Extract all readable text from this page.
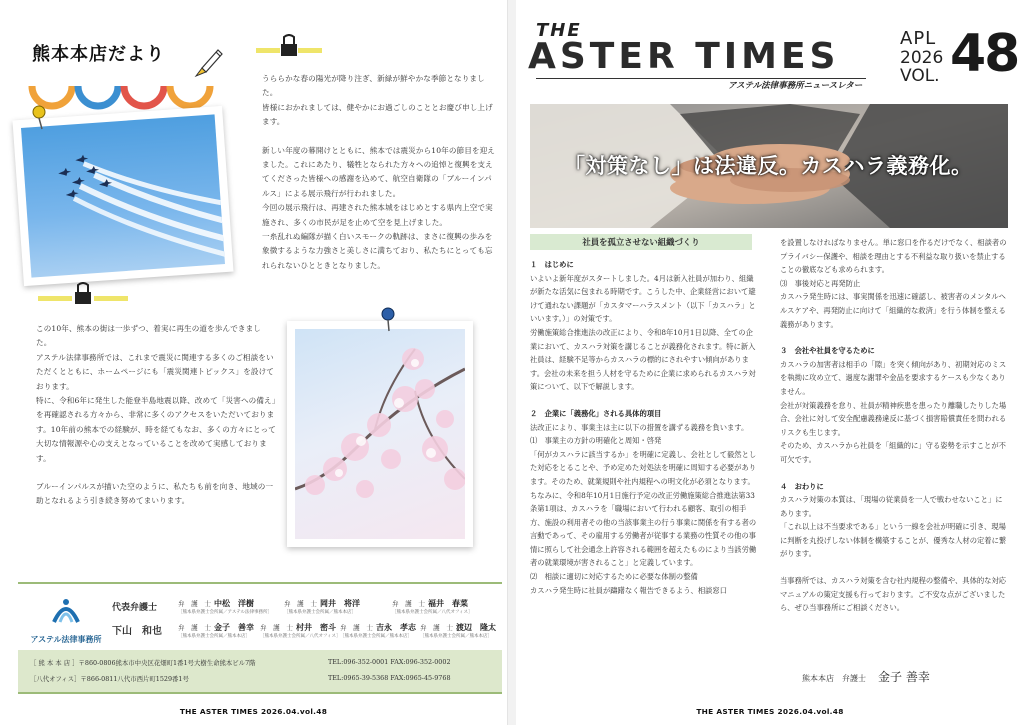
熊本本店だより

うららかな春の陽光が降り注ぎ、新緑が鮮やかな季節となりました。

皆様におかれましては、健やかにお過ごしのこととお慶び申し上げます。

新しい年度の幕開けとともに、熊本では震災から10年の節目を迎えました。これにあたり、犠牲となられた方々への追悼と復興を支えてくださった皆様への感謝を込めて、航空自衛隊の「ブルーインパルス」による展示飛行が行われました。

今回の展示飛行は、再建された熊本城をはじめとする県内上空で実施され、多くの市民が足を止めて空を見上げました。

一糸乱れぬ編隊が描く白いスモークの軌跡は、まさに復興の歩みを象徴するような力強さと美しさに満ちており、私たちにとっても忘れられないひとときとなりました。

この10年、熊本の街は一歩ずつ、着実に再生の道を歩んできました。

アステル法律事務所では、これまで震災に関連する多くのご相談をいただくとともに、ホームページにも「震災関連トピックス」を設けております。

特に、令和6年に発生した能登半島地震以降、改めて「災害への備え」を再確認される方々から、非常に多くのアクセスをいただいております。10年前の熊本での経験が、時を経てもなお、多くの方々にとって大切な情報源や心の支えとなっていることを改めて実感しております。

ブルーインパルスが描いた空のように、私たちも前を向き、地域の一助となれるよう引き続き努めてまいります。

アステル法律事務所
代表弁護士
下山　和也
弁　護　士 中松　洋樹
［熊本県弁護士会所属／アステル法律事務所］
弁　護　士 岡井　将洋
［熊本県弁護士会所属／熊本本店］
弁　護　士 福井　春菜
［熊本県弁護士会所属／八代オフィス］
弁　護　士 金子　善幸
［熊本県弁護士会所属／熊本本店］
弁　護　士 村井　密斗
［熊本県弁護士会所属／八代オフィス］
弁　護　士 吉永　孝志
［熊本県弁護士会所属／熊本本店］
弁　護　士 渡辺　隆太
［熊本県弁護士会所属／熊本本店］
［ 熊 本 本 店 ］〒860-0806熊本市中央区花畑町1番1号大樹生命熊本ビル7階	TEL:096-352-0001 FAX:096-352-0002
［八代オフィス］〒866-0811八代市西片町1529番1号	TEL:0965-39-5368 FAX:0965-45-9768
THE ASTER TIMES 2026.04.vol.48
THE
ASTER TIMES
アステル法律事務所ニュースレター
APL
2026
VOL. 48
「対策なし」は法違反。カスハラ義務化。
社員を孤立させない組織づくり

１　はじめに

いよいよ新年度がスタートしました。4月は新入社員が加わり、組織が新たな活気に包まれる時期です。こうした中、企業経営において避けて通れない課題が「カスタマーハラスメント（以下「カスハラ」といいます。）」の対策です。

労働施策総合推進法の改正により、令和8年10月1日以降、全ての企業において、カスハラ対策を講じることが義務化されます。特に新入社員は、経験不足等からカスハラの標的にされやすい傾向があります。会社の未来を担う人材を守るために企業に求められるカスハラ対策について、以下で解説します。

２　企業に「義務化」される具体的項目

法改正により、事業主は主に以下の措置を講ずる義務を負います。

⑴　事業主の方針の明確化と周知・啓発

「何がカスハラに該当するか」を明確に定義し、会社として毅然とした対応をとることや、予め定めた対処法を明確に周知する必要があります。そのため、就業規則や社内規程への明文化が必須となります。

ちなみに、令和8年10月1日施行予定の改正労働施策総合推進法第33条第1項は、カスハラを「職場において行われる顧客、取引の相手方、施設の利用者その他の当該事業主の行う事業に関係を有する者の言動であって、その雇用する労働者が従事する業務の性質その他の事情に照らして社会通念上許容される範囲を超えたものにより当該労働者の就業環境が害されること」と定義しています。

⑵　相談に適切に対応するために必要な体制の整備

カスハラ発生時に社員が躊躇なく報告できるよう、相談窓口

を設置しなければなりません。単に窓口を作るだけでなく、相談者のプライバシー保護や、相談を理由とする不利益な取り扱いを禁止することの徹底なども求められます。

⑶　事後対応と再発防止

カスハラ発生時には、事実関係を迅速に確認し、被害者のメンタルヘルスケアや、再発防止に向けて「組織的な救済」を行う体制を整える義務があります。

３　会社や社員を守るために

カスハラの加害者は相手の「隙」を突く傾向があり、初期対応のミスを執拗に攻め立て、過度な謝罪や金品を要求するケースも少なくありません。

会社が対策義務を怠り、社員が精神疾患を患ったり離職したりした場合、会社に対して安全配慮義務違反に基づく損害賠償責任を問われるリスクも生じます。

そのため、カスハラから社員を「組織的に」守る姿勢を示すことが不可欠です。

４　おわりに

カスハラ対策の本質は、「現場の従業員を一人で戦わせないこと」にあります。

「これ以上は不当要求である」という一線を会社が明確に引き、現場に判断を丸投げしない体制を構築することが、優秀な人材の定着に繋がります。

当事務所では、カスハラ対策を含む社内規程の整備や、具体的な対応マニュアルの策定支援も行っております。ご不安な点がございましたら、ぜひ当事務所にご相談ください。

熊本本店　弁護士 金子 善幸
THE ASTER TIMES 2026.04.vol.48
